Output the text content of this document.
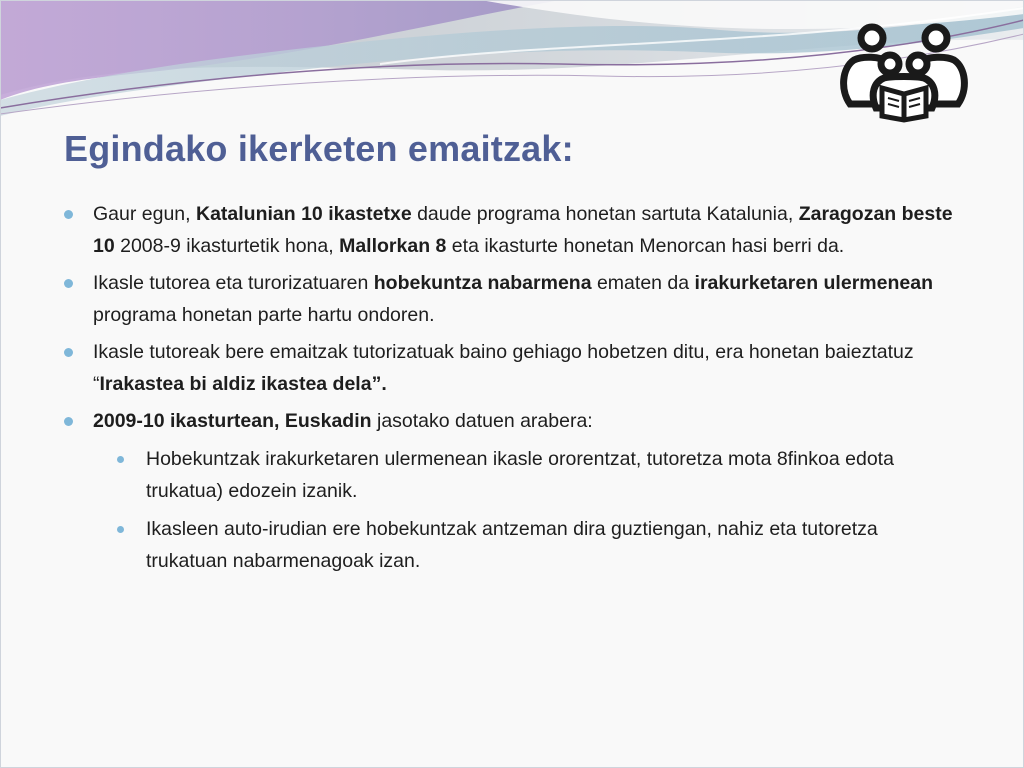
Egindako ikerketen emaitzak:
Gaur egun, Katalunian 10 ikastetxe daude programa honetan sartuta Katalunia, Zaragozan beste 10 2008-9 ikasturtetik hona, Mallorkan 8 eta ikasturte honetan Menorcan hasi berri da.
Ikasle tutorea eta turorizatuaren hobekuntza nabarmena ematen da irakurketaren ulermenean programa honetan parte hartu ondoren.
Ikasle tutoreak bere emaitzak tutorizatuak baino gehiago hobetzen ditu, era honetan baieztatuz “Irakastea bi aldiz ikastea dela”.
2009-10 ikasturtean, Euskadin jasotako datuen arabera:
Hobekuntzak irakurketaren ulermenean ikasle ororentzat, tutoretza mota 8finkoa edota trukatua) edozein izanik.
Ikasleen auto-irudian ere hobekuntzak antzeman dira guztiengan, nahiz eta tutoretza trukatuan nabarmenagoak izan.
